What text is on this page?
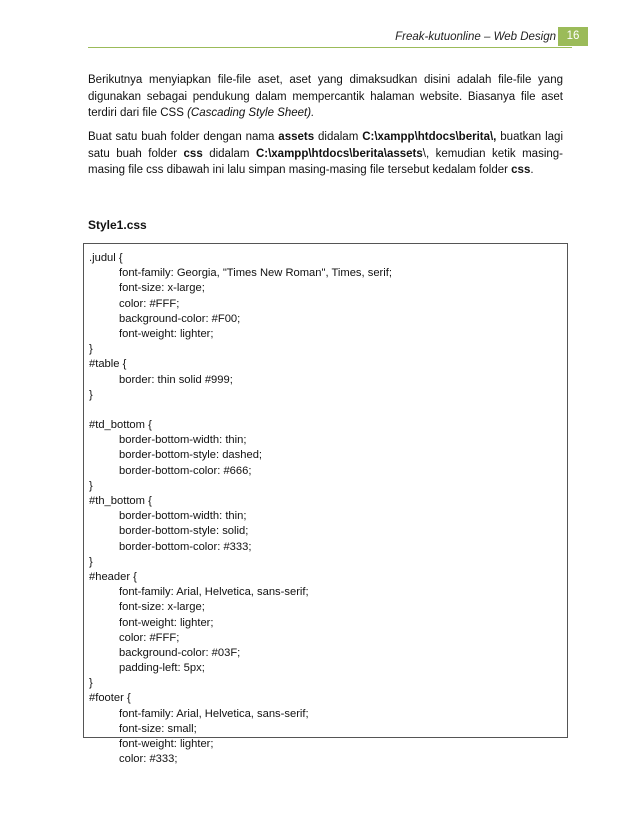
Freak-kutuonline – Web Design 16

Berikutnya menyiapkan file-file aset, aset yang dimaksudkan disini adalah file-file yang digunakan sebagai pendukung dalam mempercantik halaman website. Biasanya file aset terdiri dari file CSS (Cascading Style Sheet).

Buat satu buah folder dengan nama assets didalam C:\xampp\htdocs\berita\, buatkan lagi satu buah folder css didalam C:\xampp\htdocs\berita\assets\, kemudian ketik masing-masing file css dibawah ini lalu simpan masing-masing file tersebut kedalam folder css.

Style1.css

.judul {
font-family: Georgia, "Times New Roman", Times, serif;
font-size: x-large;
color: #FFF;
background-color: #F00;
font-weight: lighter;
}
#table {
border: thin solid #999;
}
#td_bottom {
border-bottom-width: thin;
border-bottom-style: dashed;
border-bottom-color: #666;
}
#th_bottom {
border-bottom-width: thin;
border-bottom-style: solid;
border-bottom-color: #333;
}
#header {
font-family: Arial, Helvetica, sans-serif;
font-size: x-large;
font-weight: lighter;
color: #FFF;
background-color: #03F;
padding-left: 5px;
}
#footer {
font-family: Arial, Helvetica, sans-serif;
font-size: small;
font-weight: lighter;
color: #333;
